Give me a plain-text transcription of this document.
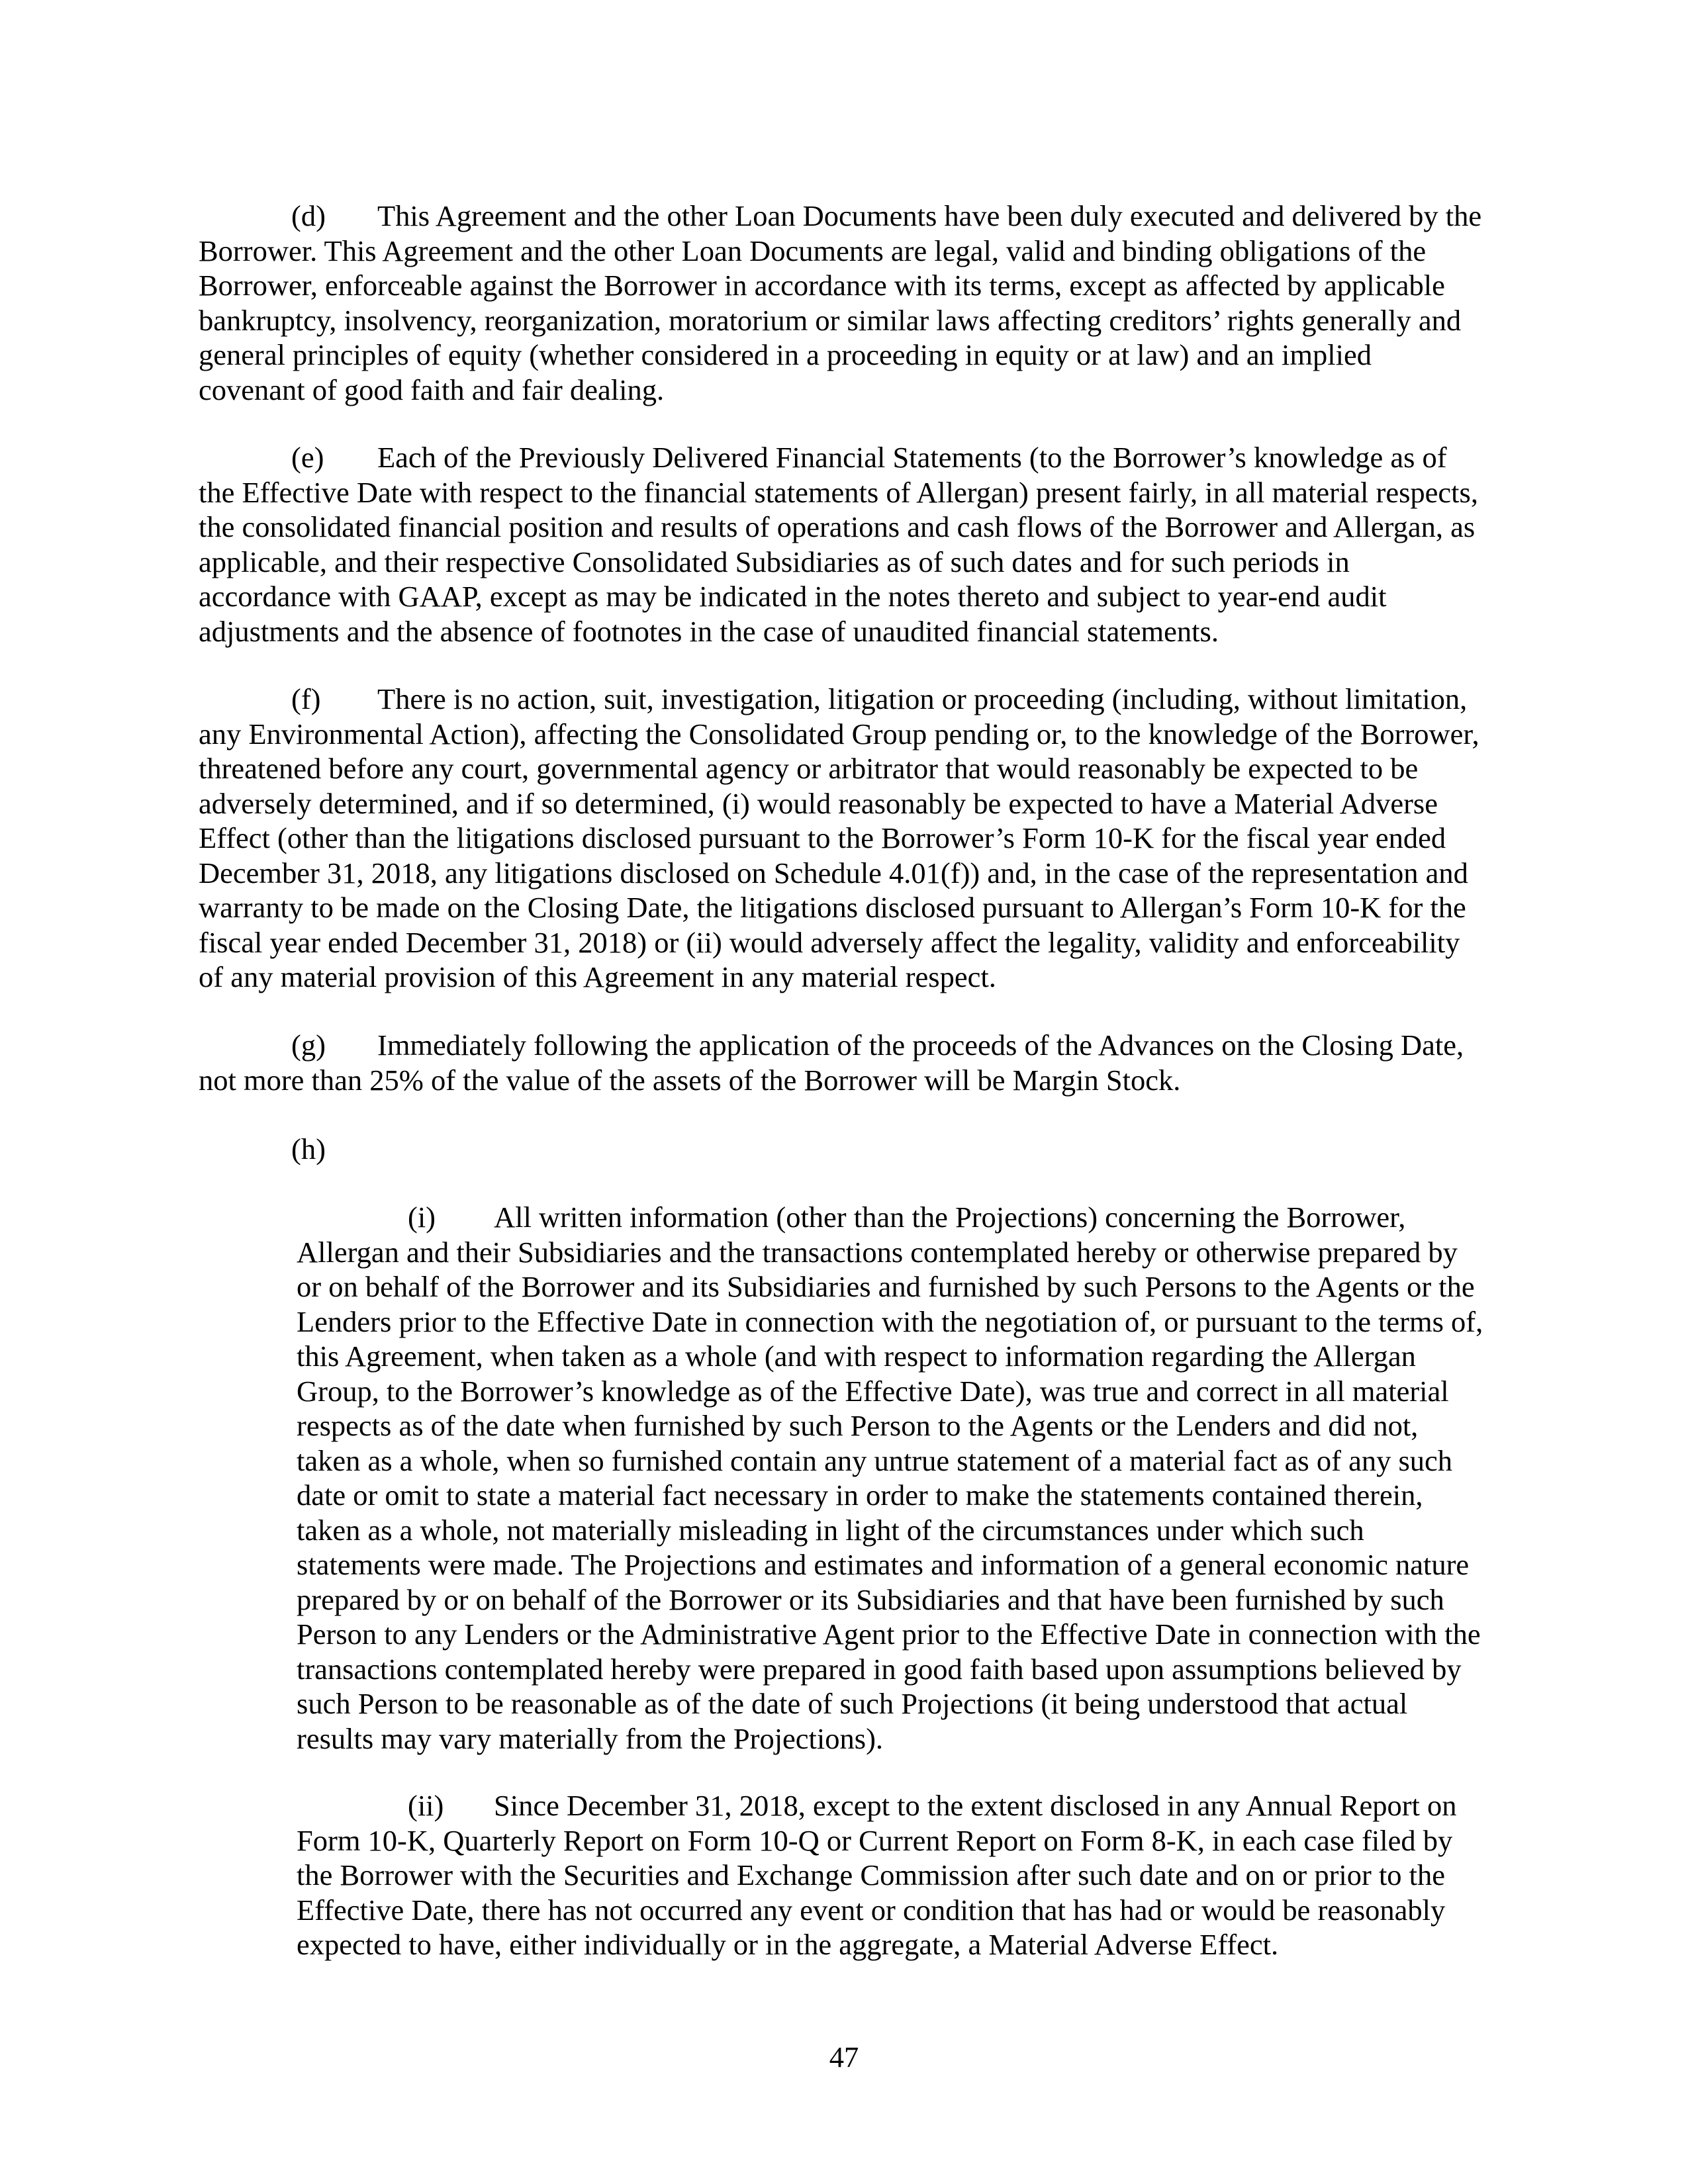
(d) This Agreement and the other Loan Documents have been duly executed and delivered by the Borrower. This Agreement and the other Loan Documents are legal, valid and binding obligations of the Borrower, enforceable against the Borrower in accordance with its terms, except as affected by applicable bankruptcy, insolvency, reorganization, moratorium or similar laws affecting creditors’ rights generally and general principles of equity (whether considered in a proceeding in equity or at law) and an implied covenant of good faith and fair dealing.

(e) Each of the Previously Delivered Financial Statements (to the Borrower’s knowledge as of the Effective Date with respect to the financial statements of Allergan) present fairly, in all material respects, the consolidated financial position and results of operations and cash flows of the Borrower and Allergan, as applicable, and their respective Consolidated Subsidiaries as of such dates and for such periods in accordance with GAAP, except as may be indicated in the notes thereto and subject to year-end audit adjustments and the absence of footnotes in the case of unaudited financial statements.

(f) There is no action, suit, investigation, litigation or proceeding (including, without limitation, any Environmental Action), affecting the Consolidated Group pending or, to the knowledge of the Borrower, threatened before any court, governmental agency or arbitrator that would reasonably be expected to be adversely determined, and if so determined, (i) would reasonably be expected to have a Material Adverse Effect (other than the litigations disclosed pursuant to the Borrower’s Form 10-K for the fiscal year ended December 31, 2018, any litigations disclosed on Schedule 4.01(f)) and, in the case of the representation and warranty to be made on the Closing Date, the litigations disclosed pursuant to Allergan’s Form 10-K for the fiscal year ended December 31, 2018) or (ii) would adversely affect the legality, validity and enforceability of any material provision of this Agreement in any material respect.

(g) Immediately following the application of the proceeds of the Advances on the Closing Date, not more than 25% of the value of the assets of the Borrower will be Margin Stock.

(h)

(i) All written information (other than the Projections) concerning the Borrower, Allergan and their Subsidiaries and the transactions contemplated hereby or otherwise prepared by or on behalf of the Borrower and its Subsidiaries and furnished by such Persons to the Agents or the Lenders prior to the Effective Date in connection with the negotiation of, or pursuant to the terms of, this Agreement, when taken as a whole (and with respect to information regarding the Allergan Group, to the Borrower’s knowledge as of the Effective Date), was true and correct in all material respects as of the date when furnished by such Person to the Agents or the Lenders and did not, taken as a whole, when so furnished contain any untrue statement of a material fact as of any such date or omit to state a material fact necessary in order to make the statements contained therein, taken as a whole, not materially misleading in light of the circumstances under which such statements were made. The Projections and estimates and information of a general economic nature prepared by or on behalf of the Borrower or its Subsidiaries and that have been furnished by such Person to any Lenders or the Administrative Agent prior to the Effective Date in connection with the transactions contemplated hereby were prepared in good faith based upon assumptions believed by such Person to be reasonable as of the date of such Projections (it being understood that actual results may vary materially from the Projections).

(ii) Since December 31, 2018, except to the extent disclosed in any Annual Report on Form 10-K, Quarterly Report on Form 10-Q or Current Report on Form 8-K, in each case filed by the Borrower with the Securities and Exchange Commission after such date and on or prior to the Effective Date, there has not occurred any event or condition that has had or would be reasonably expected to have, either individually or in the aggregate, a Material Adverse Effect.

47
